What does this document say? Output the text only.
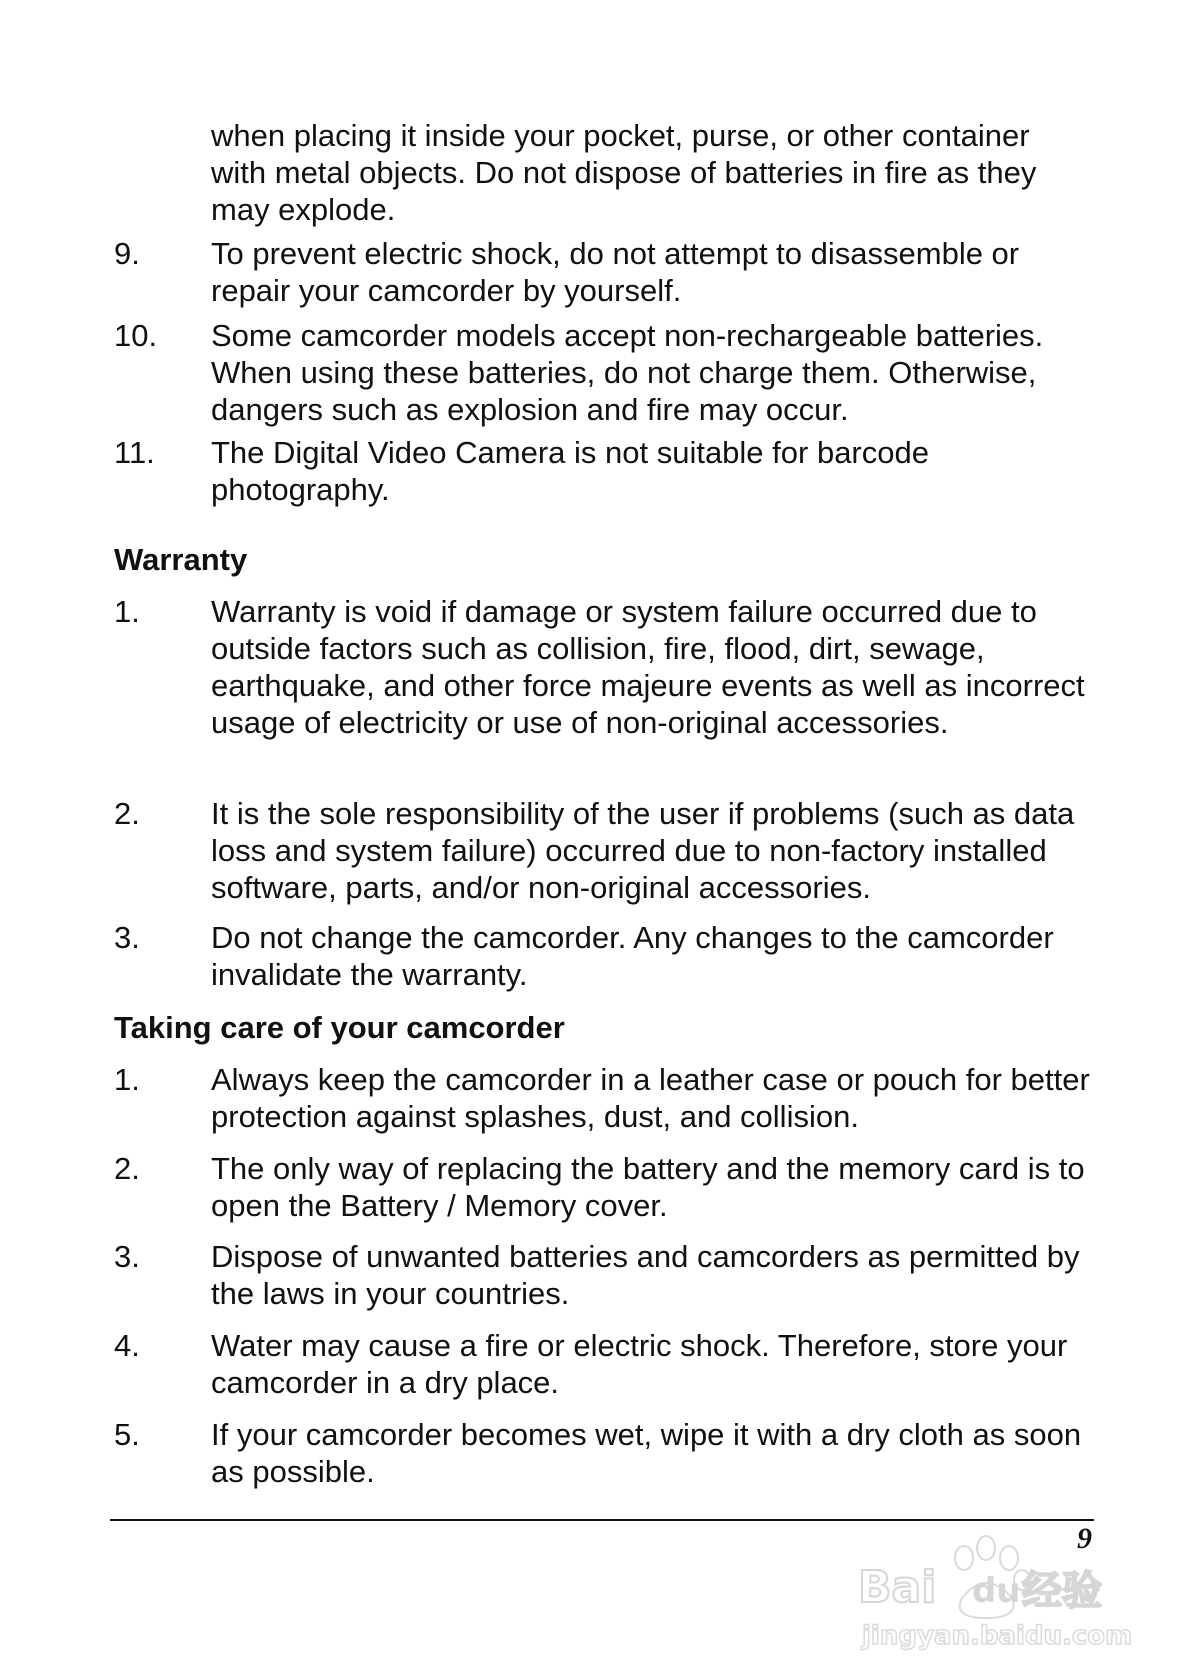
when placing it inside your pocket, purse, or other container with metal objects. Do not dispose of batteries in fire as they may explode.

9. To prevent electric shock, do not attempt to disassemble or repair your camcorder by yourself.
10. Some camcorder models accept non-rechargeable batteries. When using these batteries, do not charge them. Otherwise, dangers such as explosion and fire may occur.
11. The Digital Video Camera is not suitable for barcode photography.
Warranty
1. Warranty is void if damage or system failure occurred due to outside factors such as collision, fire, flood, dirt, sewage, earthquake, and other force majeure events as well as incorrect usage of electricity or use of non-original accessories.
2. It is the sole responsibility of the user if problems (such as data loss and system failure) occurred due to non-factory installed software, parts, and/or non-original accessories.
3. Do not change the camcorder. Any changes to the camcorder invalidate the warranty.
Taking care of your camcorder
1. Always keep the camcorder in a leather case or pouch for better protection against splashes, dust, and collision.
2. The only way of replacing the battery and the memory card is to open the Battery / Memory cover.
3. Dispose of unwanted batteries and camcorders as permitted by the laws in your countries.
4. Water may cause a fire or electric shock. Therefore, store your camcorder in a dry place.
5. If your camcorder becomes wet, wipe it with a dry cloth as soon as possible.
Bai du 经验
jingyan.baidu.com
9
